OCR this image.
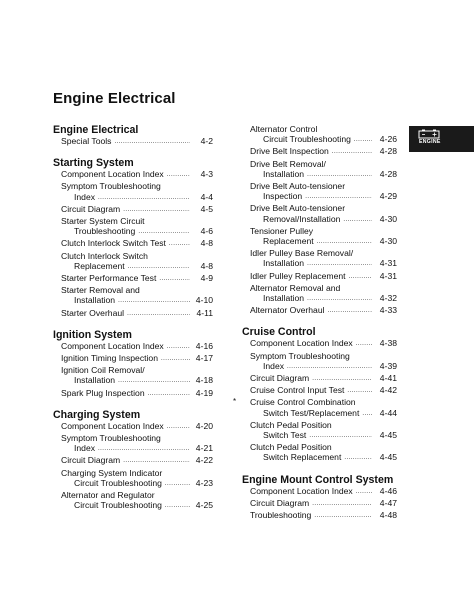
Engine Electrical
Engine Electrical
Special Tools . . .	4-2
Starting System
Component Location Index . . .	4-3
Symptom Troubleshooting
Index . . .	4-4
Circuit Diagram . . .	4-5
Starter System Circuit
Troubleshooting . . .	4-6
Clutch Interlock Switch Test . . .	4-8
Clutch Interlock Switch
Replacement . . .	4-8
Starter Performance Test . . .	4-9
Starter Removal and
Installation . . .	4-10
Starter Overhaul . . .	4-11
Ignition System
Component Location Index . . .	4-16
Ignition Timing Inspection . . .	4-17
Ignition Coil Removal/
Installation . . .	4-18
Spark Plug Inspection . . .	4-19
Charging System
Component Location Index . . .	4-20
Symptom Troubleshooting
Index . . .	4-21
Circuit Diagram . . .	4-22
Charging System Indicator
Circuit Troubleshooting . . .	4-23
Alternator and Regulator
Circuit Troubleshooting . . .	4-25
Alternator Control
Circuit Troubleshooting . . .	4-26
Drive Belt Inspection . . .	4-28
Drive Belt Removal/
Installation . . .	4-28
Drive Belt Auto-tensioner
Inspection . . .	4-29
Drive Belt Auto-tensioner
Removal/Installation . . .	4-30
Tensioner Pulley
Replacement . . .	4-30
Idler Pulley Base Removal/
Installation . . .	4-31
Idler Pulley Replacement . . .	4-31
Alternator Removal and
Installation . . .	4-32
Alternator Overhaul . . .	4-33
Cruise Control
Component Location Index . . .	4-38
Symptom Troubleshooting
Index . . .	4-39
Circuit Diagram . . .	4-41
Cruise Control Input Test . . .	4-42
* Cruise Control Combination
Switch Test/Replacement . . .	4-44
Clutch Pedal Position
Switch Test . . .	4-45
Clutch Pedal Position
Switch Replacement . . .	4-45
Engine Mount Control System
Component Location Index . . .	4-46
Circuit Diagram . . .	4-47
Troubleshooting . . .	4-48
ENGINE
